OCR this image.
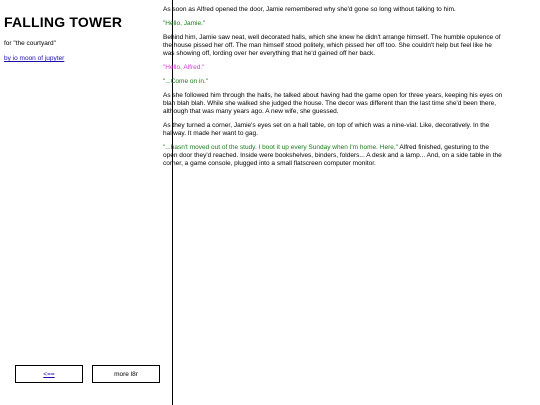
FALLING TOWER
for "the courtyard"
by io moon of jupyter
<==	more l8r

As soon as Alfred opened the door, Jamie remembered why she'd gone so long without talking to him.

"Hello, Jamie."

Behind him, Jamie saw neat, well decorated halls, which she knew he didn't arrange himself. The humble opulence of the house pissed her off. The man himself stood politely, which pissed her off too. She couldn't help but feel like he was showing off, lording over her everything that he'd gained off her back.

"Hello, Alfred."

"...Come on in."

As she followed him through the halls, he talked about having had the game open for three years, keeping his eyes on blah blah blah. While she walked she judged the house. The decor was different than the last time she'd been there, although that was many years ago. A new wife, she guessed.

As they turned a corner, Jamie's eyes set on a hall table, on top of which was a nine-vial. Like, decoratively. In the hallway. It made her want to gag.

"...hasn't moved out of the study. I boot it up every Sunday when I'm home. Here," Alfred finished, gesturing to the open door they'd reached. Inside were bookshelves, binders, folders... A desk and a lamp... And, on a side table in the corner, a game console, plugged into a small flatscreen computer monitor.
